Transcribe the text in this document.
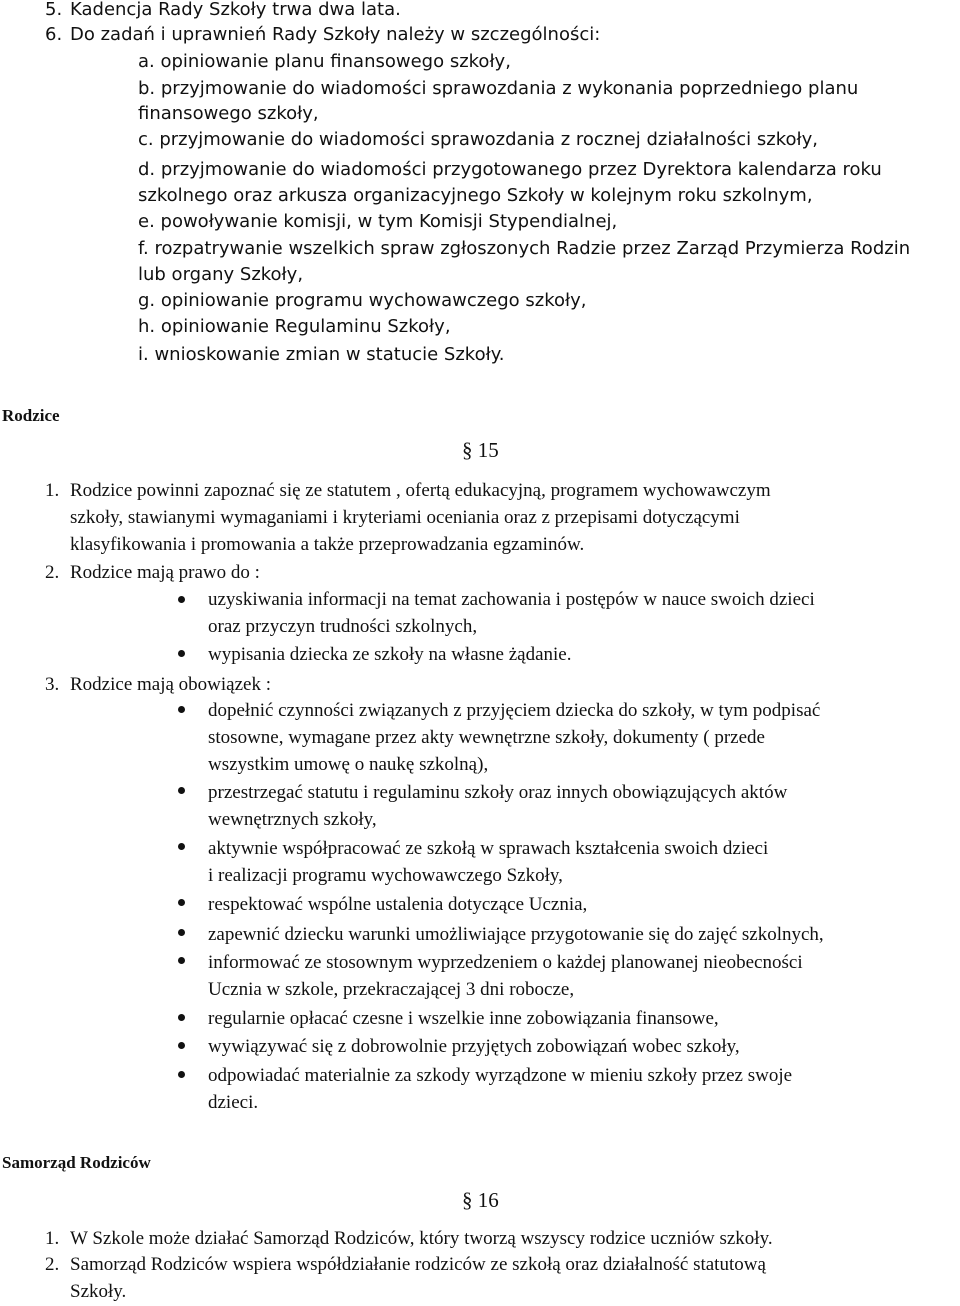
5. Kadencja Rady Szkoły trwa dwa lata.
6. Do zadań i uprawnień Rady Szkoły należy w szczególności:
a. opiniowanie planu finansowego szkoły,
b. przyjmowanie do wiadomości sprawozdania z wykonania poprzedniego planu
finansowego szkoły,
c. przyjmowanie do wiadomości sprawozdania z rocznej działalności szkoły,
d. przyjmowanie do wiadomości przygotowanego przez Dyrektora kalendarza roku
szkolnego oraz arkusza organizacyjnego Szkoły w kolejnym roku szkolnym,
e. powoływanie komisji, w tym Komisji Stypendialnej,
f. rozpatrywanie wszelkich spraw zgłoszonych Radzie przez Zarząd Przymierza Rodzin
lub organy Szkoły,
g. opiniowanie programu wychowawczego szkoły,
h. opiniowanie Regulaminu Szkoły,
i. wnioskowanie zmian w statucie Szkoły.
Rodzice
§ 15
1. Rodzice powinni zapoznać się ze statutem , ofertą edukacyjną, programem wychowawczym
szkoły, stawianymi wymaganiami i kryteriami oceniania oraz z przepisami dotyczącymi
klasyfikowania i promowania a także przeprowadzania egzaminów.
2. Rodzice mają prawo do :
uzyskiwania informacji na temat zachowania i postępów w nauce swoich dzieci
oraz przyczyn trudności szkolnych,
wypisania dziecka ze szkoły na własne żądanie.
3. Rodzice mają obowiązek :
dopełnić czynności związanych z przyjęciem dziecka do szkoły, w tym podpisać
stosowne, wymagane przez akty wewnętrzne szkoły, dokumenty ( przede
wszystkim umowę o naukę szkolną),
przestrzegać statutu i regulaminu szkoły oraz innych obowiązujących aktów
wewnętrznych szkoły,
aktywnie współpracować ze szkołą w sprawach kształcenia swoich dzieci
i realizacji programu wychowawczego Szkoły,
respektować wspólne ustalenia dotyczące Ucznia,
zapewnić dziecku warunki umożliwiające przygotowanie się do zajęć szkolnych,
informować ze stosownym wyprzedzeniem o każdej planowanej nieobecności
Ucznia w szkole, przekraczającej 3 dni robocze,
regularnie opłacać czesne i wszelkie inne zobowiązania finansowe,
wywiązywać się z dobrowolnie przyjętych zobowiązań wobec szkoły,
odpowiadać materialnie za szkody wyrządzone w mieniu szkoły przez swoje
dzieci.
Samorząd Rodziców
§ 16
1. W Szkole może działać Samorząd Rodziców, który tworzą wszyscy rodzice uczniów szkoły.
2. Samorząd Rodziców wspiera współdziałanie rodziców ze szkołą oraz działalność statutową
Szkoły.
